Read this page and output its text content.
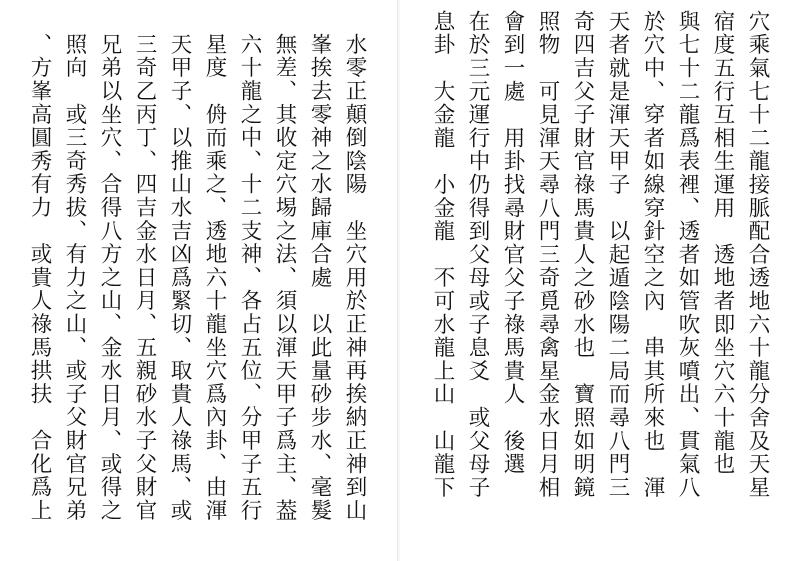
水零正顛倒陰陽　坐穴用於正神再挨納正神到山
峯挨去零神之水歸庫合處　以此量砂步水、毫髮
無差、其收定穴埸之法、須以渾天甲子爲主、葢
六十龍之中、十二支神、各占五位、分甲子五行
星度　侜而乘之、透地六十龍坐穴爲內卦、由渾
天甲子、以推山水吉凶爲緊切、取貴人祿馬、或
三奇乙丙丁、四吉金水日月、五親砂水子父財官
兄弟以坐穴、合得八方之山、金水日月、或得之
照向　或三奇秀拔、有力之山、或子父財官兄弟
、方峯高圓秀有力　或貴人祿馬拱扶　合化爲上	穴乘氣七十二龍接脈配合透地六十龍分舍及天星
宿度五行互相生運用　透地者即坐穴六十龍也
與七十二龍爲表裡、透者如管吹灰噴出、貫氣八
於穴中、穿者如線穿針空之內　串其所來也　渾
天者就是渾天甲子　以起遁陰陽二局而尋八門三
奇四吉父子財官祿馬貴人之砂水也　寶照如明鏡
照物　可見渾天尋八門三奇覓尋禽星金水日月相
會到一處　用卦找尋財官父子祿馬貴人　後選
在於三元運行中仍得到父母或子息爻　或父母子
息卦　大金龍　小金龍　不可水龍上山　山龍下
